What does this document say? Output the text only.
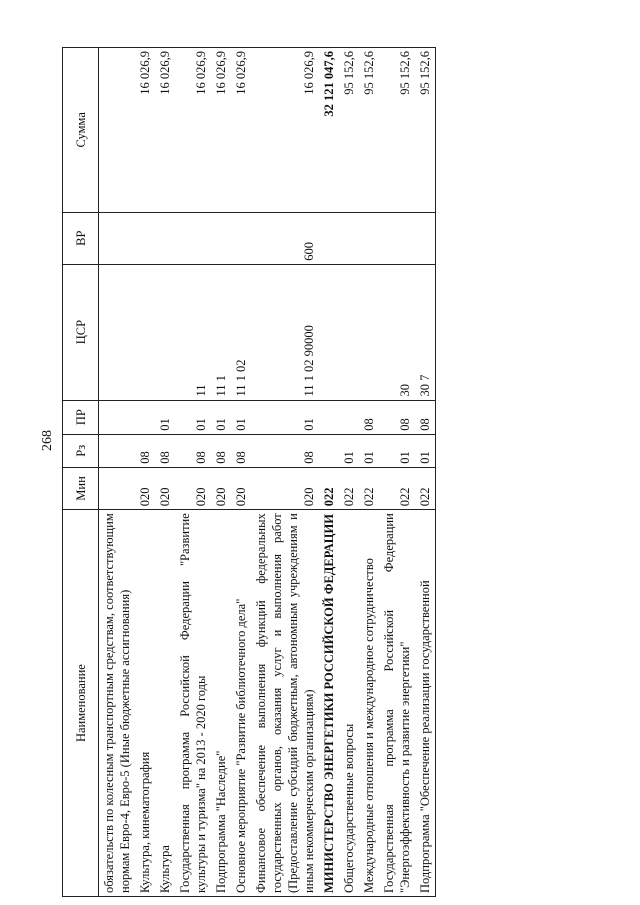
268
Наименование	Мин	Рз	ПР	ЦСР	ВР	Сумма
обязательств по колесным транспортным средствам, соответствующим нормам Евро-4, Евро-5 (Иные бюджетные ассигнования)						
Культура, кинематография	020	08				16 026,9
Культура	020	08	01			16 026,9
Государственная программа Российской Федерации "Развитие культуры и туризма" на 2013 - 2020 годы	020	08	01	11		16 026,9
Подпрограмма "Наследие"	020	08	01	11 1		16 026,9
Основное мероприятие "Развитие библиотечного дела"	020	08	01	11 1 02		16 026,9
Финансовое обеспечение выполнения функций федеральных государственных органов, оказания услуг и выполнения работ (Предоставление субсидий бюджетным, автономным учреждениям и иным некоммерческим организациям)	020	08	01	11 1 02 90000	600	16 026,9
МИНИСТЕРСТВО ЭНЕРГЕТИКИ РОССИЙСКОЙ ФЕДЕРАЦИИ	022					32 121 047,6
Общегосударственные вопросы	022	01				95 152,6
Международные отношения и международное сотрудничество	022	01	08			95 152,6
Государственная программа Российской Федерации "Энергоэффективность и развитие энергетики"	022	01	08	30		95 152,6
Подпрограмма "Обеспечение реализации государственной	022	01	08	30 7		95 152,6
